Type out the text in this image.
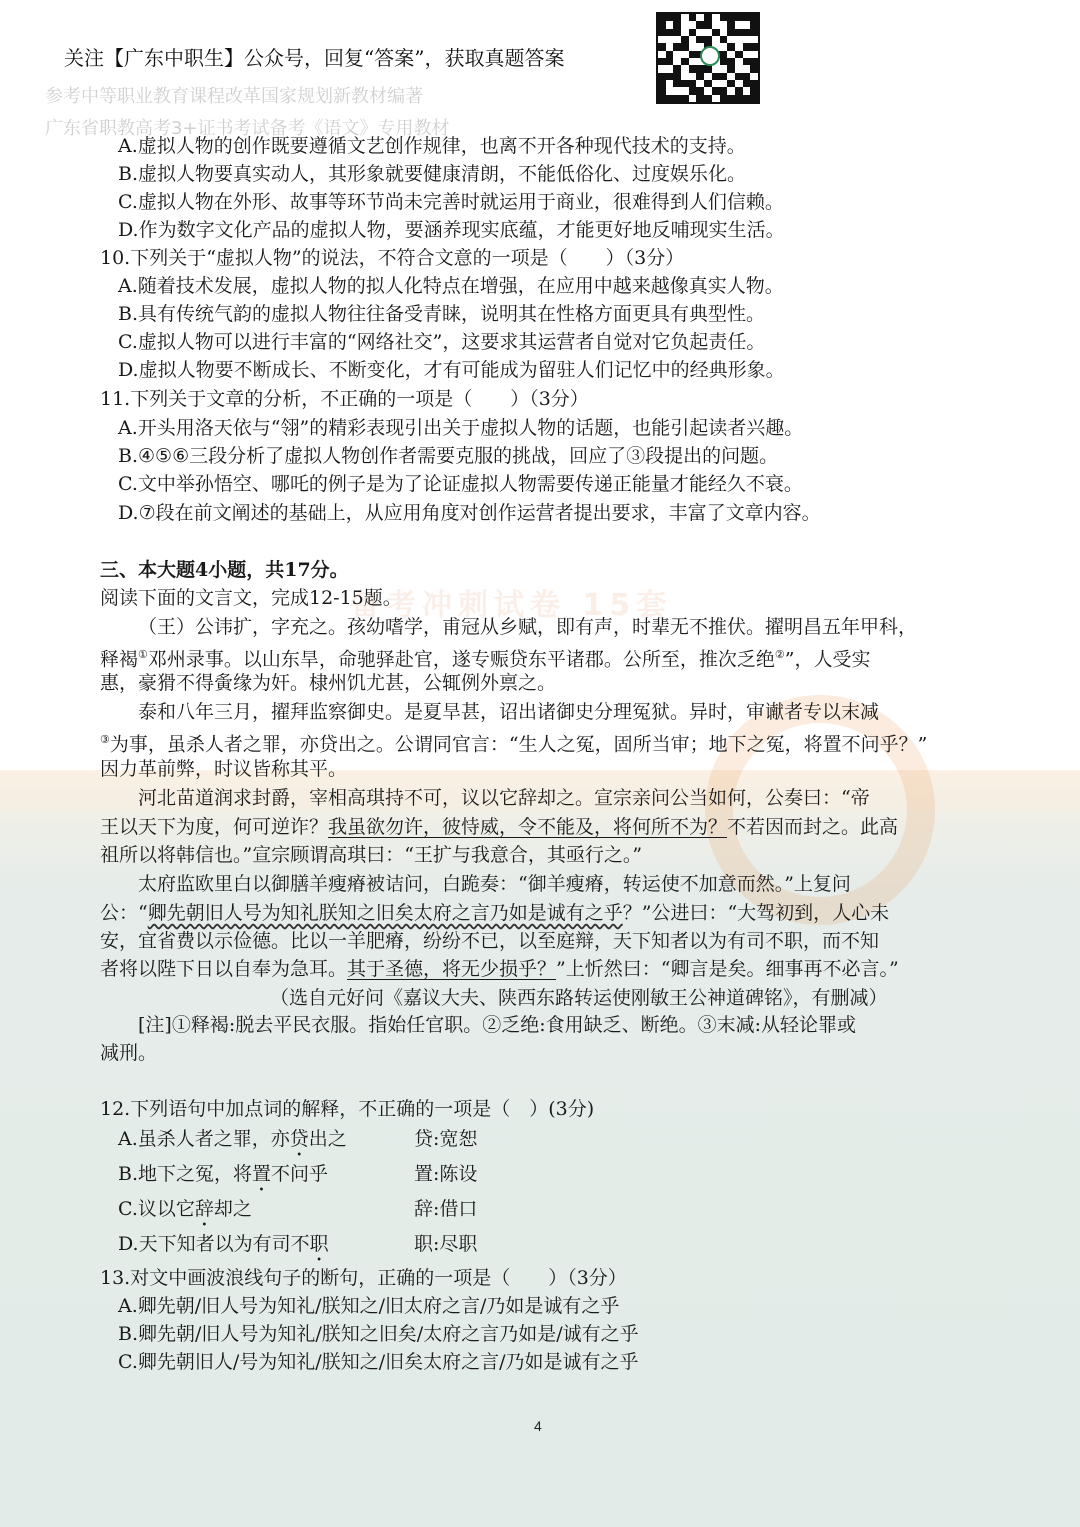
备考冲刺试卷 15套
参考中等职业教育课程改革国家规划新教材编著
广东省职教高考3+证书考试备考《语文》专用教材
关注【广东中职生】公众号，回复“答案”，获取真题答案
A.虚拟人物的创作既要遵循文艺创作规律，也离不开各种现代技术的支持。
B.虚拟人物要真实动人，其形象就要健康清朗，不能低俗化、过度娱乐化。
C.虚拟人物在外形、故事等环节尚未完善时就运用于商业，很难得到人们信赖。
D.作为数字文化产品的虚拟人物，要涵养现实底蕴，才能更好地反哺现实生活。
10.下列关于“虚拟人物”的说法，不符合文意的一项是（　　）（3分）
A.随着技术发展，虚拟人物的拟人化特点在增强，在应用中越来越像真实人物。
B.具有传统气韵的虚拟人物往往备受青睐，说明其在性格方面更具有典型性。
C.虚拟人物可以进行丰富的“网络社交”，这要求其运营者自觉对它负起责任。
D.虚拟人物要不断成长、不断变化，才有可能成为留驻人们记忆中的经典形象。
11.下列关于文章的分析，不正确的一项是（　　）（3分）
A.开头用洛天依与“翎”的精彩表现引出关于虚拟人物的话题，也能引起读者兴趣。
B.④⑤⑥三段分析了虚拟人物创作者需要克服的挑战，回应了③段提出的问题。
C.文中举孙悟空、哪吒的例子是为了论证虚拟人物需要传递正能量才能经久不衰。
D.⑦段在前文阐述的基础上，从应用角度对创作运营者提出要求，丰富了文章内容。
三、本大题4小题，共17分。
阅读下面的文言文，完成12-15题。
（王）公讳扩，字充之。孩幼嗜学，甫冠从乡赋，即有声，时辈无不推伏。擢明昌五年甲科，
释褐①邓州录事。以山东旱，命驰驿赴官，遂专赈贷东平诸郡。公所至，推次乏绝②”，人受实
惠，豪猾不得夤缘为奸。棣州饥尤甚，公辄例外禀之。
泰和八年三月，擢拜监察御史。是夏旱甚，诏出诸御史分理冤狱。异时，审谳者专以末减
③为事，虽杀人者之罪，亦贷出之。公谓同官言：“生人之冤，固所当审；地下之冤，将置不问乎？”
因力革前弊，时议皆称其平。
河北苗道润求封爵，宰相高琪持不可，议以它辞却之。宣宗亲问公当如何，公奏曰：“帝
王以天下为度，何可逆诈？我虽欲勿许，彼恃威，令不能及，将何所不为？不若因而封之。此高
祖所以将韩信也。”宣宗顾谓高琪曰：“王扩与我意合，其亟行之。”
太府监欧里白以御膳羊瘦瘠被诘问，白跪奏：“御羊瘦瘠，转运使不加意而然。”上复问
公：“卿先朝旧人号为知礼朕知之旧矣太府之言乃如是诚有之乎？”公进曰：“大驾初到，人心未
安，宜省费以示俭德。比以一羊肥瘠，纷纷不已，以至庭辩，天下知者以为有司不职，而不知
者将以陛下日以自奉为急耳。其于圣德，将无少损乎？”上忻然曰：“卿言是矣。细事再不必言。”
（选自元好问《嘉议大夫、陕西东路转运使刚敏王公神道碑铭》，有删减）
[注]①释褐:脱去平民衣服。指始任官职。②乏绝:食用缺乏、断绝。③末减:从轻论罪或
减刑。
12.下列语句中加点词的解释，不正确的一项是（　）(3分)
A.虽杀人者之罪，亦贷出之	贷:宽恕
B.地下之冤，将置不问乎	置:陈设
C.议以它辞却之	辞:借口
D.天下知者以为有司不职	职:尽职
13.对文中画波浪线句子的断句，正确的一项是（　　）（3分）
A.卿先朝/旧人号为知礼/朕知之/旧太府之言/乃如是诚有之乎
B.卿先朝/旧人号为知礼/朕知之旧矣/太府之言乃如是/诚有之乎
C.卿先朝旧人/号为知礼/朕知之/旧矣太府之言/乃如是诚有之乎
4
